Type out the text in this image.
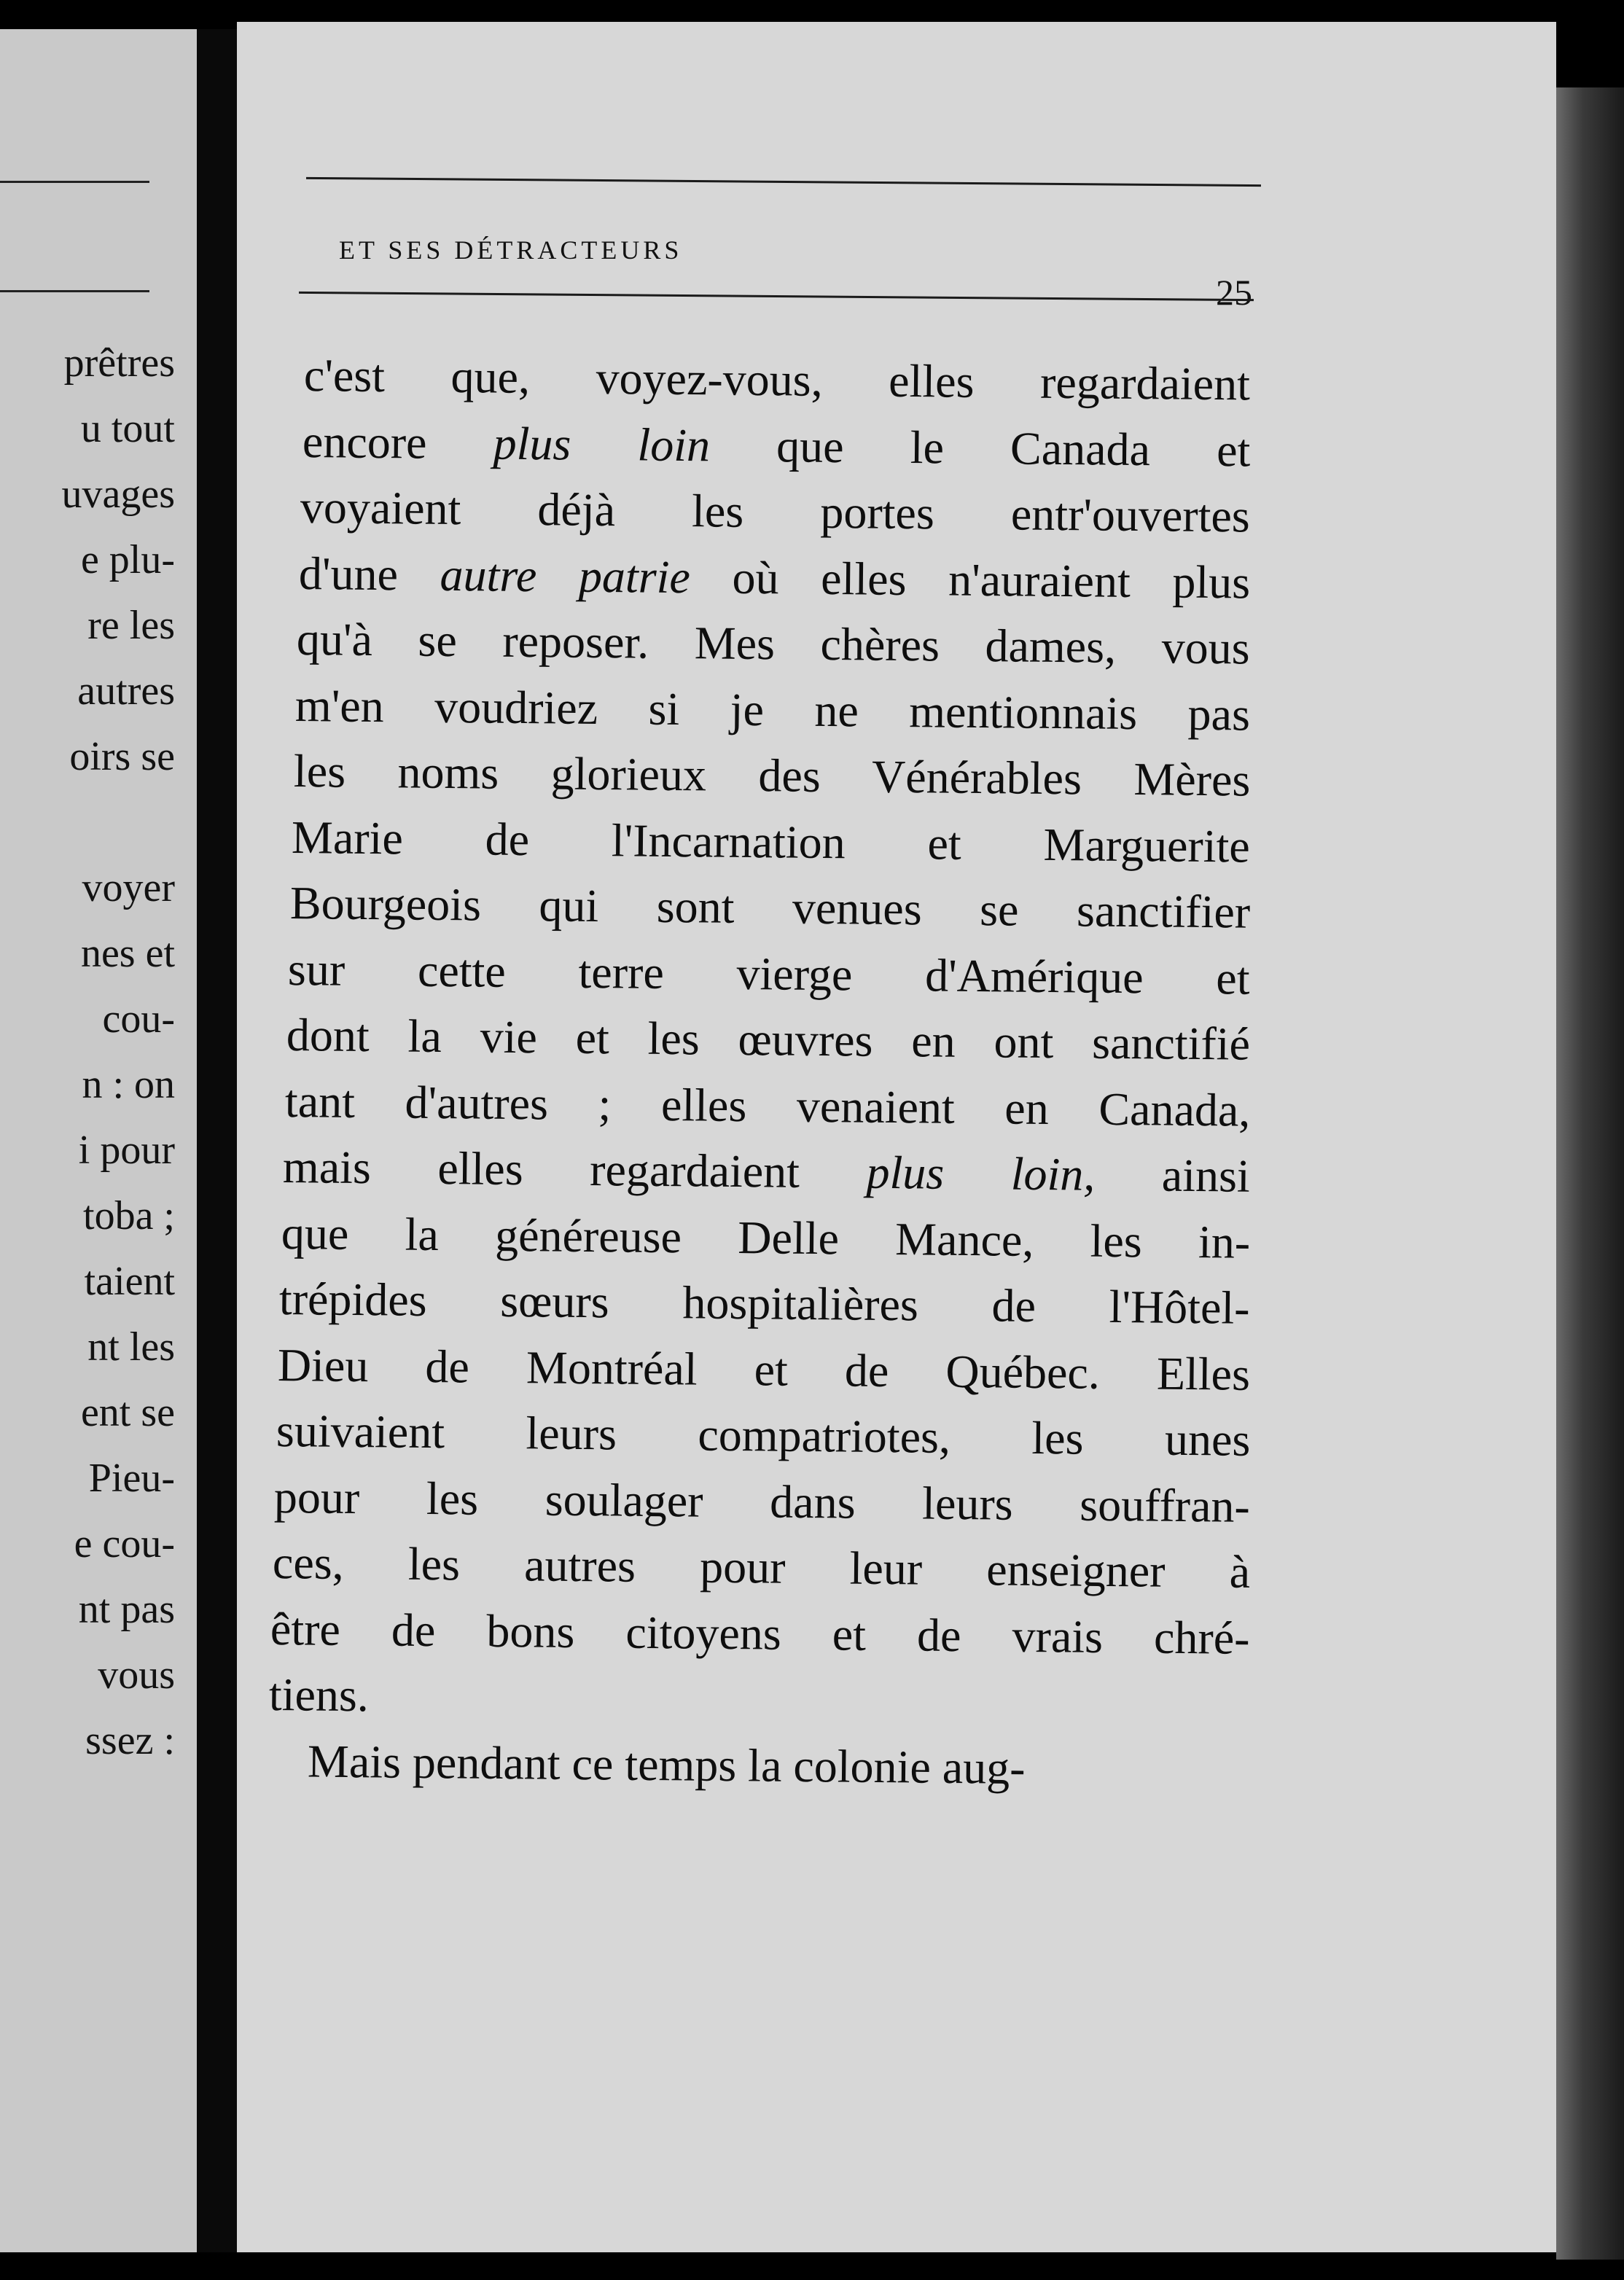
prêtres
u tout
uvages
e plu-
re les
autres
oirs se
voyer
nes et
cou-
n : on
i pour
toba ;
taient
nt les
ent se
Pieu-
e cou-
nt pas
vous
ssez :
ET SES DÉTRACTEURS
25
c'est que, voyez-vous, elles regardaient
encore plus loin que le Canada et
voyaient déjà les portes entr'ouvertes
d'une autre patrie où elles n'auraient plus
qu'à se reposer. Mes chères dames, vous
m'en voudriez si je ne mentionnais pas
les noms glorieux des Vénérables Mères
Marie de l'Incarnation et Marguerite
Bourgeois qui sont venues se sanctifier
sur cette terre vierge d'Amérique et
dont la vie et les œuvres en ont sanctifié
tant d'autres ; elles venaient en Canada,
mais elles regardaient plus loin, ainsi
que la généreuse Delle Mance, les in-
trépides sœurs hospitalières de l'Hôtel-
Dieu de Montréal et de Québec. Elles
suivaient leurs compatriotes, les unes
pour les soulager dans leurs souffran-
ces, les autres pour leur enseigner à
être de bons citoyens et de vrais chré-
tiens.
Mais pendant ce temps la colonie aug-
